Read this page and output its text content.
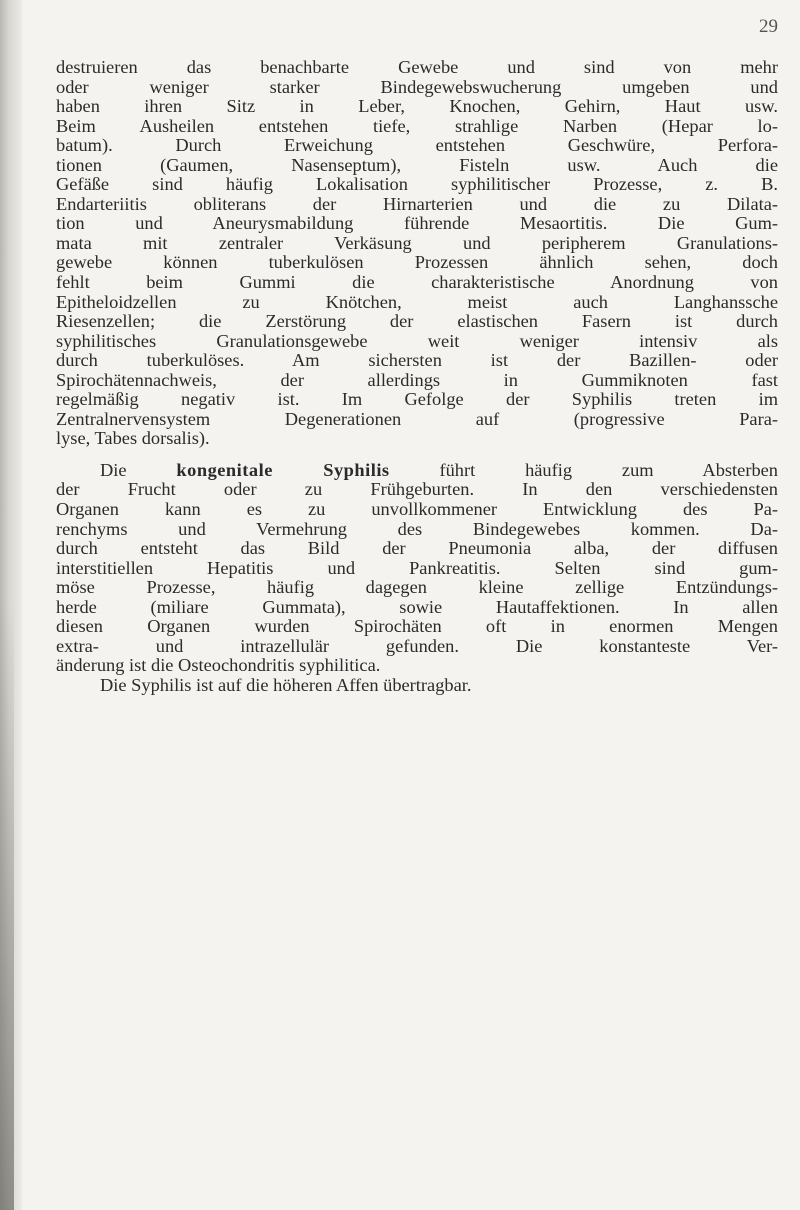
29
destruieren das benachbarte Gewebe und sind von mehr
oder weniger starker Bindegewebswucherung umgeben und
haben ihren Sitz in Leber, Knochen, Gehirn, Haut usw.
Beim Ausheilen entstehen tiefe, strahlige Narben (Hepar lo-
batum). Durch Erweichung entstehen Geschwüre, Perfora-
tionen (Gaumen, Nasenseptum), Fisteln usw. Auch die
Gefäße sind häufig Lokalisation syphilitischer Prozesse, z. B.
Endarteriitis obliterans der Hirnarterien und die zu Dilata-
tion und Aneurysmabildung führende Mesaortitis. Die Gum-
mata mit zentraler Verkäsung und peripherem Granulations-
gewebe können tuberkulösen Prozessen ähnlich sehen, doch
fehlt beim Gummi die charakteristische Anordnung von
Epitheloidzellen zu Knötchen, meist auch Langhanssche
Riesenzellen; die Zerstörung der elastischen Fasern ist durch
syphilitisches Granulationsgewebe weit weniger intensiv als
durch tuberkulöses. Am sichersten ist der Bazillen- oder
Spirochätennachweis, der allerdings in Gummiknoten fast
regelmäßig negativ ist. Im Gefolge der Syphilis treten im
Zentralnervensystem Degenerationen auf (progressive Para-
lyse, Tabes dorsalis).
Die kongenitale Syphilis führt häufig zum Absterben
der Frucht oder zu Frühgeburten. In den verschiedensten
Organen kann es zu unvollkommener Entwicklung des Pa-
renchyms und Vermehrung des Bindegewebes kommen. Da-
durch entsteht das Bild der Pneumonia alba, der diffusen
interstitiellen Hepatitis und Pankreatitis. Selten sind gum-
möse Prozesse, häufig dagegen kleine zellige Entzündungs-
herde (miliare Gummata), sowie Hautaffektionen. In allen
diesen Organen wurden Spirochäten oft in enormen Mengen
extra- und intrazellulär gefunden. Die konstanteste Ver-
änderung ist die Osteochondritis syphilitica.
Die Syphilis ist auf die höheren Affen übertragbar.
